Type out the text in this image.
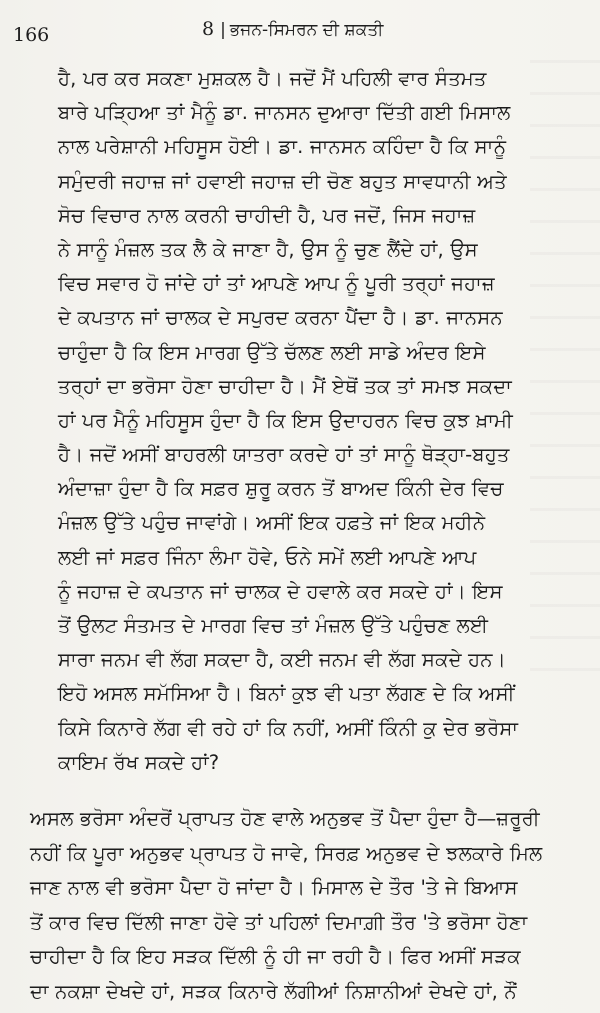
166	8 | ਭਜਨ-ਸਿਮਰਨ ਦੀ ਸ਼ਕਤੀ
ਹੈ, ਪਰ ਕਰ ਸਕਣਾ ਮੁਸ਼ਕਲ ਹੈ। ਜਦੋਂ ਮੈਂ ਪਹਿਲੀ ਵਾਰ ਸੰਤਮਤ
ਬਾਰੇ ਪੜ੍ਹਿਆ ਤਾਂ ਮੈਨੂੰ ਡਾ. ਜਾਨਸਨ ਦੁਆਰਾ ਦਿੱਤੀ ਗਈ ਮਿਸਾਲ
ਨਾਲ ਪਰੇਸ਼ਾਨੀ ਮਹਿਸੂਸ ਹੋਈ। ਡਾ. ਜਾਨਸਨ ਕਹਿੰਦਾ ਹੈ ਕਿ ਸਾਨੂੰ
ਸਮੁੰਦਰੀ ਜਹਾਜ਼ ਜਾਂ ਹਵਾਈ ਜਹਾਜ਼ ਦੀ ਚੋਣ ਬਹੁਤ ਸਾਵਧਾਨੀ ਅਤੇ
ਸੋਚ ਵਿਚਾਰ ਨਾਲ ਕਰਨੀ ਚਾਹੀਦੀ ਹੈ, ਪਰ ਜਦੋਂ, ਜਿਸ ਜਹਾਜ਼
ਨੇ ਸਾਨੂੰ ਮੰਜ਼ਲ ਤਕ ਲੈ ਕੇ ਜਾਣਾ ਹੈ, ਉਸ ਨੂੰ ਚੁਣ ਲੈਂਦੇ ਹਾਂ, ਉਸ
ਵਿਚ ਸਵਾਰ ਹੋ ਜਾਂਦੇ ਹਾਂ ਤਾਂ ਆਪਣੇ ਆਪ ਨੂੰ ਪੂਰੀ ਤਰ੍ਹਾਂ ਜਹਾਜ਼
ਦੇ ਕਪਤਾਨ ਜਾਂ ਚਾਲਕ ਦੇ ਸਪੁਰਦ ਕਰਨਾ ਪੈਂਦਾ ਹੈ। ਡਾ. ਜਾਨਸਨ
ਚਾਹੁੰਦਾ ਹੈ ਕਿ ਇਸ ਮਾਰਗ ਉੱਤੇ ਚੱਲਣ ਲਈ ਸਾਡੇ ਅੰਦਰ ਇਸੇ
ਤਰ੍ਹਾਂ ਦਾ ਭਰੋਸਾ ਹੋਣਾ ਚਾਹੀਦਾ ਹੈ। ਮੈਂ ਏਥੋਂ ਤਕ ਤਾਂ ਸਮਝ ਸਕਦਾ
ਹਾਂ ਪਰ ਮੈਨੂੰ ਮਹਿਸੂਸ ਹੁੰਦਾ ਹੈ ਕਿ ਇਸ ਉਦਾਹਰਨ ਵਿਚ ਕੁਝ ਖ਼ਾਮੀ
ਹੈ। ਜਦੋਂ ਅਸੀਂ ਬਾਹਰਲੀ ਯਾਤਰਾ ਕਰਦੇ ਹਾਂ ਤਾਂ ਸਾਨੂੰ ਥੋੜ੍ਹਾ-ਬਹੁਤ
ਅੰਦਾਜ਼ਾ ਹੁੰਦਾ ਹੈ ਕਿ ਸਫ਼ਰ ਸ਼ੁਰੂ ਕਰਨ ਤੋਂ ਬਾਅਦ ਕਿੰਨੀ ਦੇਰ ਵਿਚ
ਮੰਜ਼ਲ ਉੱਤੇ ਪਹੁੰਚ ਜਾਵਾਂਗੇ। ਅਸੀਂ ਇਕ ਹਫ਼ਤੇ ਜਾਂ ਇਕ ਮਹੀਨੇ
ਲਈ ਜਾਂ ਸਫ਼ਰ ਜਿੰਨਾ ਲੰਮਾ ਹੋਵੇ, ਓਨੇ ਸਮੇਂ ਲਈ ਆਪਣੇ ਆਪ
ਨੂੰ ਜਹਾਜ਼ ਦੇ ਕਪਤਾਨ ਜਾਂ ਚਾਲਕ ਦੇ ਹਵਾਲੇ ਕਰ ਸਕਦੇ ਹਾਂ। ਇਸ
ਤੋਂ ਉਲਟ ਸੰਤਮਤ ਦੇ ਮਾਰਗ ਵਿਚ ਤਾਂ ਮੰਜ਼ਲ ਉੱਤੇ ਪਹੁੰਚਣ ਲਈ
ਸਾਰਾ ਜਨਮ ਵੀ ਲੱਗ ਸਕਦਾ ਹੈ, ਕਈ ਜਨਮ ਵੀ ਲੱਗ ਸਕਦੇ ਹਨ।
ਇਹੋ ਅਸਲ ਸਮੱਸਿਆ ਹੈ। ਬਿਨਾਂ ਕੁਝ ਵੀ ਪਤਾ ਲੱਗਣ ਦੇ ਕਿ ਅਸੀਂ
ਕਿਸੇ ਕਿਨਾਰੇ ਲੱਗ ਵੀ ਰਹੇ ਹਾਂ ਕਿ ਨਹੀਂ, ਅਸੀਂ ਕਿੰਨੀ ਕੁ ਦੇਰ ਭਰੋਸਾ
ਕਾਇਮ ਰੱਖ ਸਕਦੇ ਹਾਂ?
ਅਸਲ ਭਰੋਸਾ ਅੰਦਰੋਂ ਪ੍ਰਾਪਤ ਹੋਣ ਵਾਲੇ ਅਨੁਭਵ ਤੋਂ ਪੈਦਾ ਹੁੰਦਾ ਹੈ—ਜ਼ਰੂਰੀ
ਨਹੀਂ ਕਿ ਪੂਰਾ ਅਨੁਭਵ ਪ੍ਰਾਪਤ ਹੋ ਜਾਵੇ, ਸਿਰਫ਼ ਅਨੁਭਵ ਦੇ ਝਲਕਾਰੇ ਮਿਲ
ਜਾਣ ਨਾਲ ਵੀ ਭਰੋਸਾ ਪੈਦਾ ਹੋ ਜਾਂਦਾ ਹੈ। ਮਿਸਾਲ ਦੇ ਤੌਰ 'ਤੇ ਜੇ ਬਿਆਸ
ਤੋਂ ਕਾਰ ਵਿਚ ਦਿੱਲੀ ਜਾਣਾ ਹੋਵੇ ਤਾਂ ਪਹਿਲਾਂ ਦਿਮਾਗ਼ੀ ਤੌਰ 'ਤੇ ਭਰੋਸਾ ਹੋਣਾ
ਚਾਹੀਦਾ ਹੈ ਕਿ ਇਹ ਸੜਕ ਦਿੱਲੀ ਨੂੰ ਹੀ ਜਾ ਰਹੀ ਹੈ। ਫਿਰ ਅਸੀਂ ਸੜਕ
ਦਾ ਨਕਸ਼ਾ ਦੇਖਦੇ ਹਾਂ, ਸੜਕ ਕਿਨਾਰੇ ਲੱਗੀਆਂ ਨਿਸ਼ਾਨੀਆਂ ਦੇਖਦੇ ਹਾਂ, ਨੌਂ
